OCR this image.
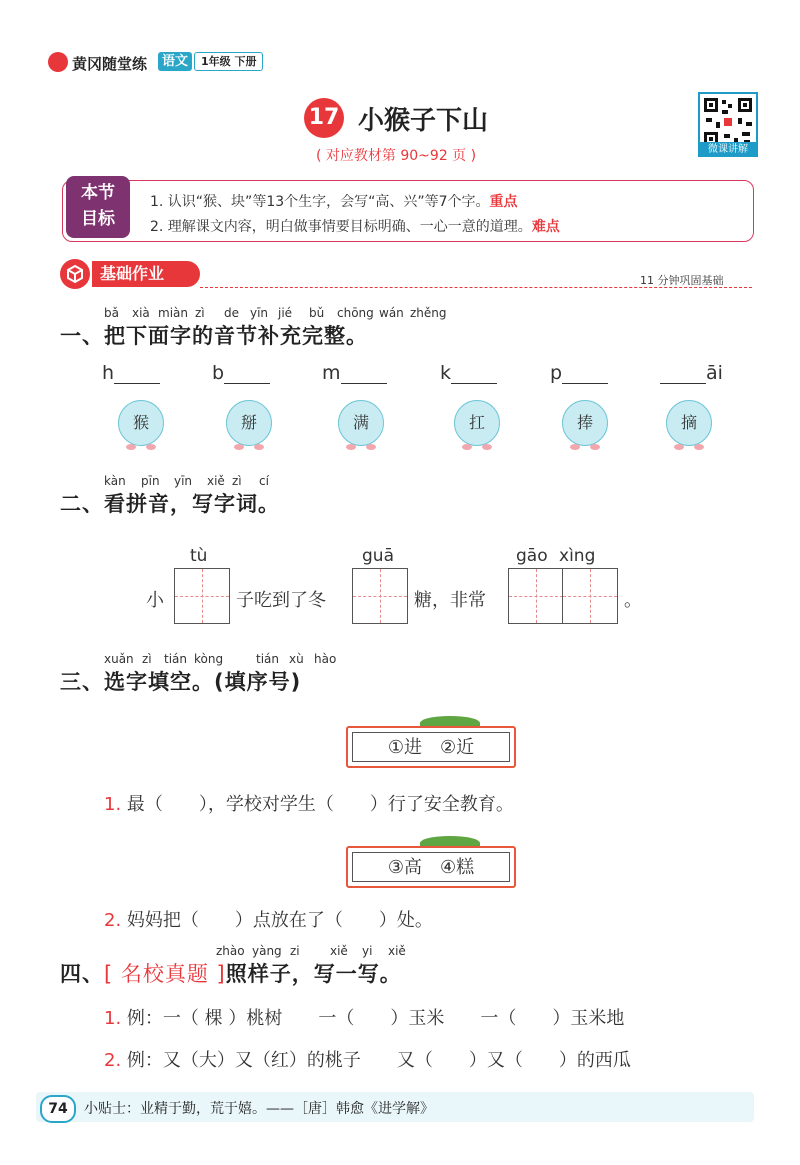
黄冈随堂练	语文	1年级 下册
17 小猴子下山
( 对应教材第 90~92 页 )	微课讲解
本节
目标
1. 认识“猴、块”等13个生字，会写“高、兴”等7个字。重点
2. 理解课文内容，明白做事情要目标明确、一心一意的道理。难点
基础作业	11 分钟巩固基础
bǎ xià miàn zì de yīn jié bǔ chōng wán zhěng
一、把下面字的音节补充完整。
h	b	m	k	p	āi
猴	掰	满	扛	捧	摘
kàn pīn yīn xiě zì cí
二、看拼音，写字词。
tù	guā	gāo xìng
小	子吃到了冬	糖，非常	。
xuǎn zì tián kòng	tián xù hào
三、选字填空。(填序号)
①进　②近
1. 最（　　），学校对学生（　　）行了安全教育。
③高　④糕
2. 妈妈把（　　）点放在了（　　）处。
zhào yàng zi	xiě yi xiě
四、[ 名校真题 ]照样子，写一写。
1. 例：一（ 棵 ）桃树　　一（　　）玉米　　一（　　）玉米地
2. 例：又（大）又（红）的桃子　　又（　　）又（　　）的西瓜
74	小贴士：业精于勤，荒于嬉。——［唐］韩愈《进学解》
